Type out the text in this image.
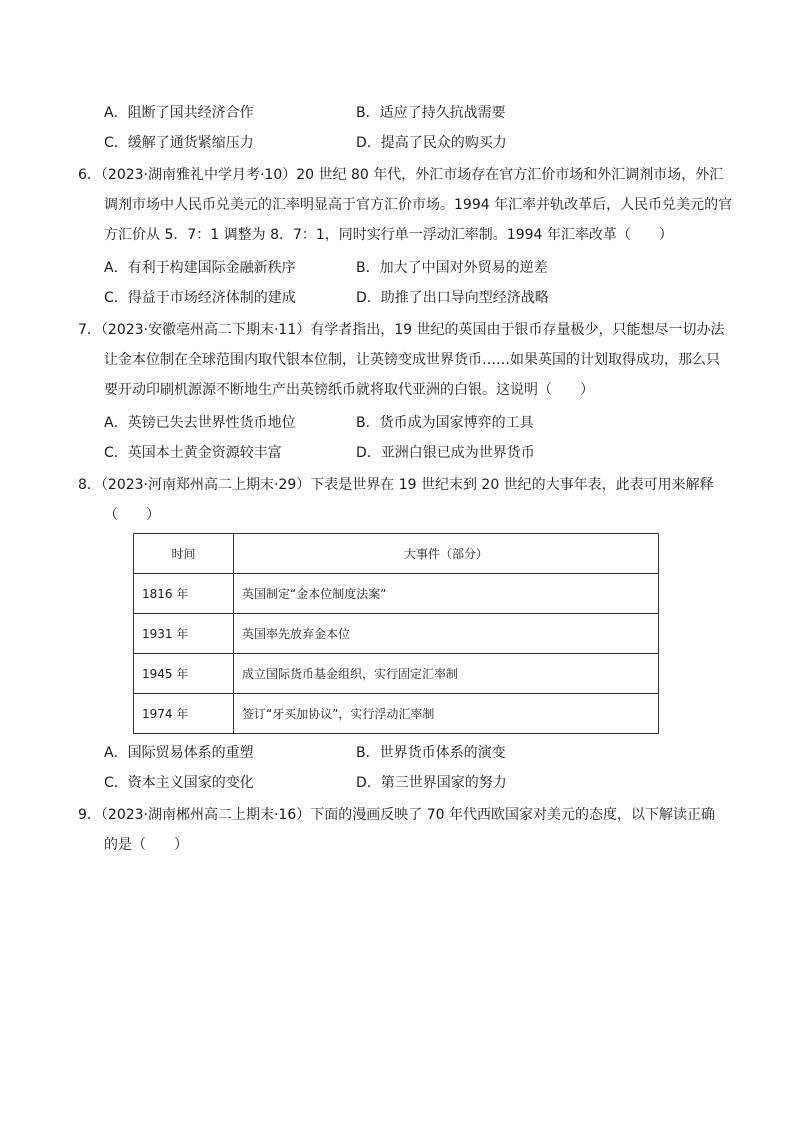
A．阻断了国共经济合作	B．适应了持久抗战需要
C．缓解了通货紧缩压力	D．提高了民众的购买力
6．（2023·湖南雅礼中学月考·10）20 世纪 80 年代，外汇市场存在官方汇价市场和外汇调剂市场，外汇
调剂市场中人民币兑美元的汇率明显高于官方汇价市场。1994 年汇率并轨改革后，人民币兑美元的官
方汇价从 5．7：1 调整为 8．7：1，同时实行单一浮动汇率制。1994 年汇率改革（　　）
A．有利于构建国际金融新秩序	B．加大了中国对外贸易的逆差
C．得益于市场经济体制的建成	D．助推了出口导向型经济战略
7．（2023·安徽亳州高二下期末·11）有学者指出，19 世纪的英国由于银币存量极少，只能想尽一切办法
让金本位制在全球范围内取代银本位制，让英镑变成世界货币……如果英国的计划取得成功，那么只
要开动印刷机源源不断地生产出英镑纸币就将取代亚洲的白银。这说明（　　）
A．英镑已失去世界性货币地位	B．货币成为国家博弈的工具
C．英国本土黄金资源较丰富	D．亚洲白银已成为世界货币
8．（2023·河南郑州高二上期末·29）下表是世界在 19 世纪末到 20 世纪的大事年表，此表可用来解释
（　　）
时间	大事件（部分）
1816 年	英国制定“金本位制度法案”
1931 年	英国率先放弃金本位
1945 年	成立国际货币基金组织，实行固定汇率制
1974 年	签订“牙买加协议”，实行浮动汇率制
A．国际贸易体系的重塑	B．世界货币体系的演变
C．资本主义国家的变化	D．第三世界国家的努力
9．（2023·湖南郴州高二上期末·16）下面的漫画反映了 70 年代西欧国家对美元的态度，以下解读正确
的是（　　）
